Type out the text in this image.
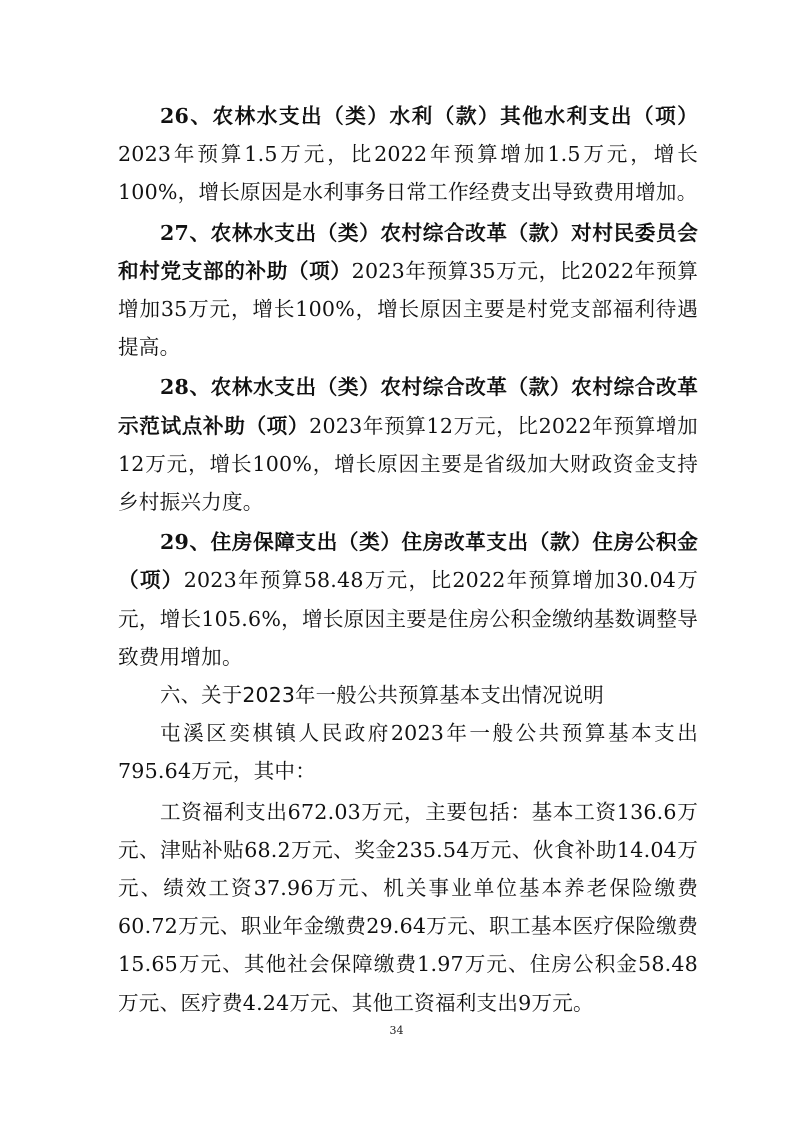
26、农林水支出（类）水利（款）其他水利支出（项）2023年预算1.5万元，比2022年预算增加1.5万元，增长100%，增长原因是水利事务日常工作经费支出导致费用增加。

27、农林水支出（类）农村综合改革（款）对村民委员会和村党支部的补助（项）2023年预算35万元，比2022年预算增加35万元，增长100%，增长原因主要是村党支部福利待遇提高。

28、农林水支出（类）农村综合改革（款）农村综合改革示范试点补助（项）2023年预算12万元，比2022年预算增加12万元，增长100%，增长原因主要是省级加大财政资金支持乡村振兴力度。

29、住房保障支出（类）住房改革支出（款）住房公积金（项）2023年预算58.48万元，比2022年预算增加30.04万元，增长105.6%，增长原因主要是住房公积金缴纳基数调整导致费用增加。

六、关于2023年一般公共预算基本支出情况说明

屯溪区奕棋镇人民政府2023年一般公共预算基本支出795.64万元，其中：

工资福利支出672.03万元，主要包括：基本工资136.6万元、津贴补贴68.2万元、奖金235.54万元、伙食补助14.04万元、绩效工资37.96万元、机关事业单位基本养老保险缴费60.72万元、职业年金缴费29.64万元、职工基本医疗保险缴费15.65万元、其他社会保障缴费1.97万元、住房公积金58.48万元、医疗费4.24万元、其他工资福利支出9万元。

34
